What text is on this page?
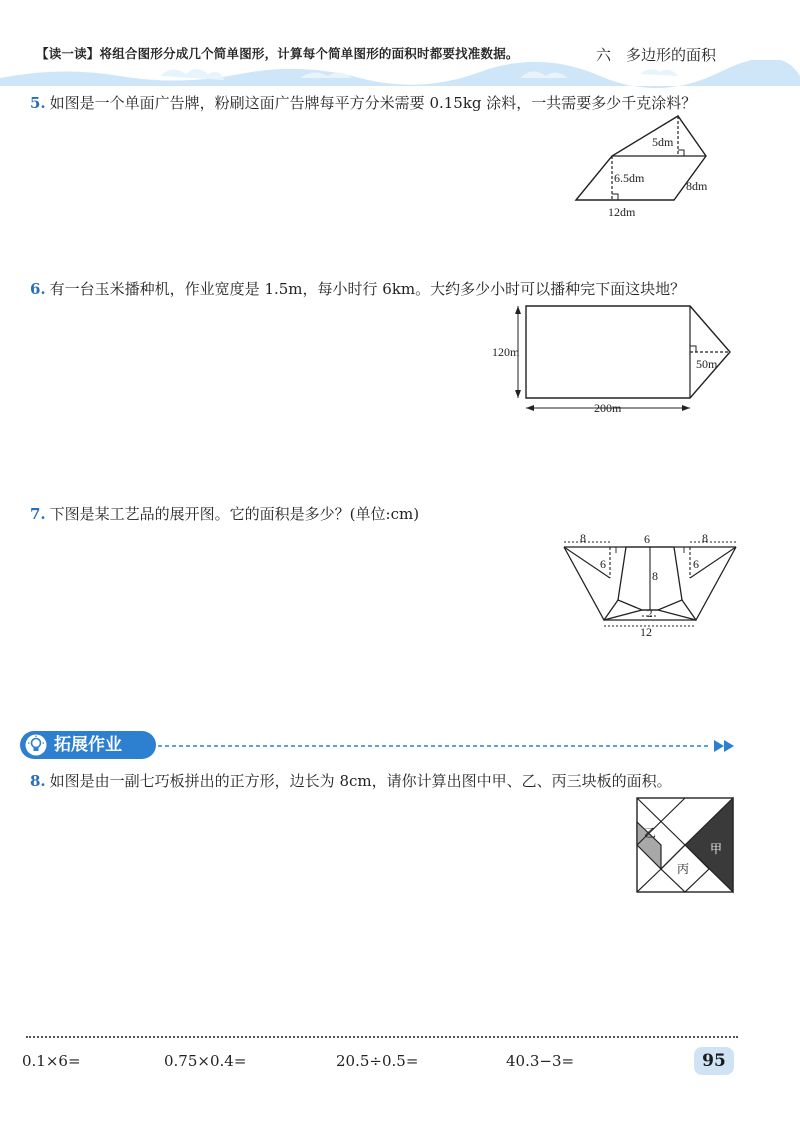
【读一读】将组合图形分成几个简单图形，计算每个简单图形的面积时都要找准数据。	六　多边形的面积
5. 如图是一个单面广告牌，粉刷这面广告牌每平方分米需要 0.15kg 涂料，一共需要多少千克涂料？
5dm
6.5dm
8dm
12dm
6. 有一台玉米播种机，作业宽度是 1.5m，每小时行 6km。大约多少小时可以播种完下面这块地？
120m
50m
200m
7. 下图是某工艺品的展开图。它的面积是多少？(单位:cm)
8	6	8
6
8
6
2
12
拓展作业
8. 如图是由一副七巧板拼出的正方形，边长为 8cm，请你计算出图中甲、乙、丙三块板的面积。
乙
甲
丙
0.1×6=	0.75×0.4=	20.5÷0.5=	40.3−3=	95
